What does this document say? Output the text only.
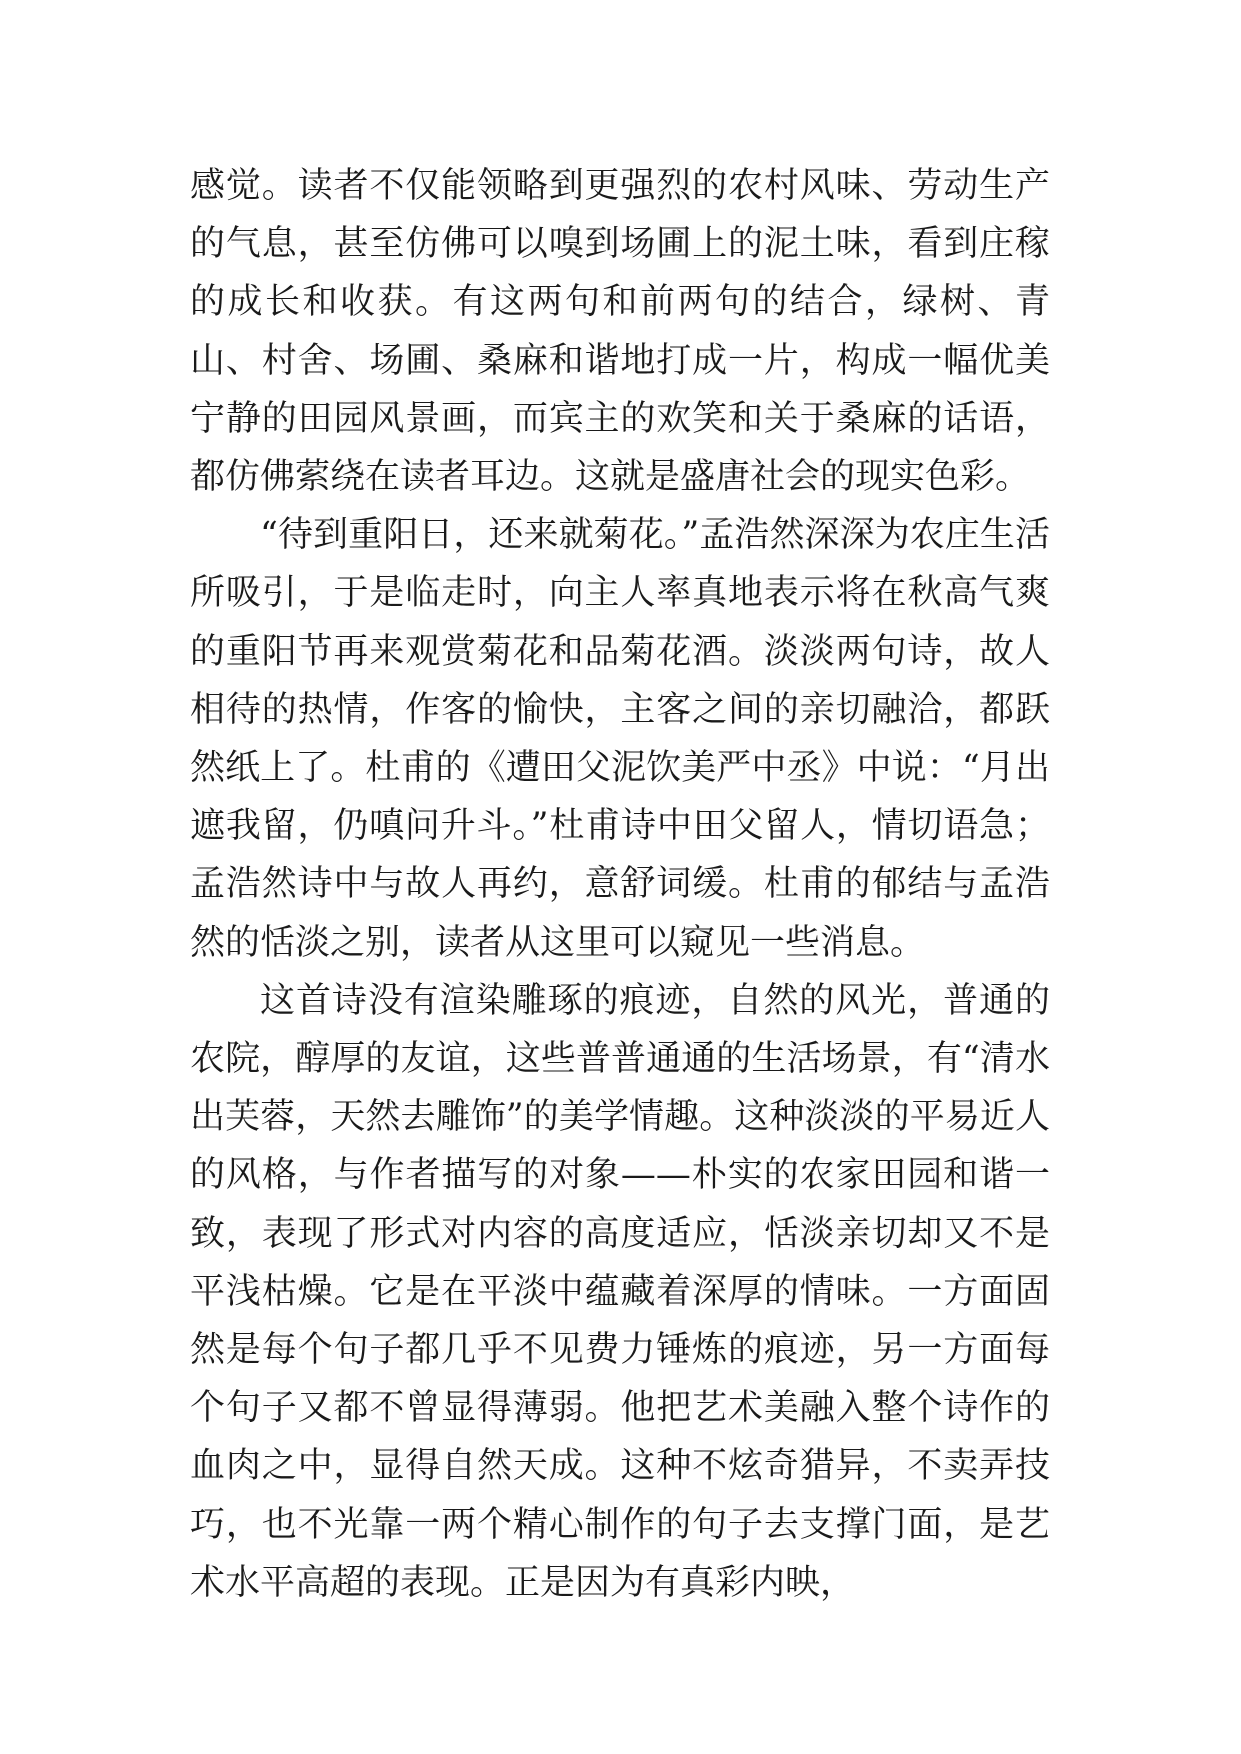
感觉。读者不仅能领略到更强烈的农村风味、劳动生产的气息，甚至仿佛可以嗅到场圃上的泥土味，看到庄稼的成长和收获。有这两句和前两句的结合，绿树、青山、村舍、场圃、桑麻和谐地打成一片，构成一幅优美宁静的田园风景画，而宾主的欢笑和关于桑麻的话语，都仿佛萦绕在读者耳边。这就是盛唐社会的现实色彩。

“待到重阳日，还来就菊花。”孟浩然深深为农庄生活所吸引，于是临走时，向主人率真地表示将在秋高气爽的重阳节再来观赏菊花和品菊花酒。淡淡两句诗，故人相待的热情，作客的愉快，主客之间的亲切融洽，都跃然纸上了。杜甫的《遭田父泥饮美严中丞》中说：“月出遮我留，仍嗔问升斗。”杜甫诗中田父留人，情切语急；孟浩然诗中与故人再约，意舒词缓。杜甫的郁结与孟浩然的恬淡之别，读者从这里可以窥见一些消息。

这首诗没有渲染雕琢的痕迹，自然的风光，普通的农院，醇厚的友谊，这些普普通通的生活场景，有“清水出芙蓉，天然去雕饰”的美学情趣。这种淡淡的平易近人的风格，与作者描写的对象——朴实的农家田园和谐一致，表现了形式对内容的高度适应，恬淡亲切却又不是平浅枯燥。它是在平淡中蕴藏着深厚的情味。一方面固然是每个句子都几乎不见费力锤炼的痕迹，另一方面每个句子又都不曾显得薄弱。他把艺术美融入整个诗作的血肉之中，显得自然天成。这种不炫奇猎异，不卖弄技巧，也不光靠一两个精心制作的句子去支撑门面，是艺术水平高超的表现。正是因为有真彩内映，
